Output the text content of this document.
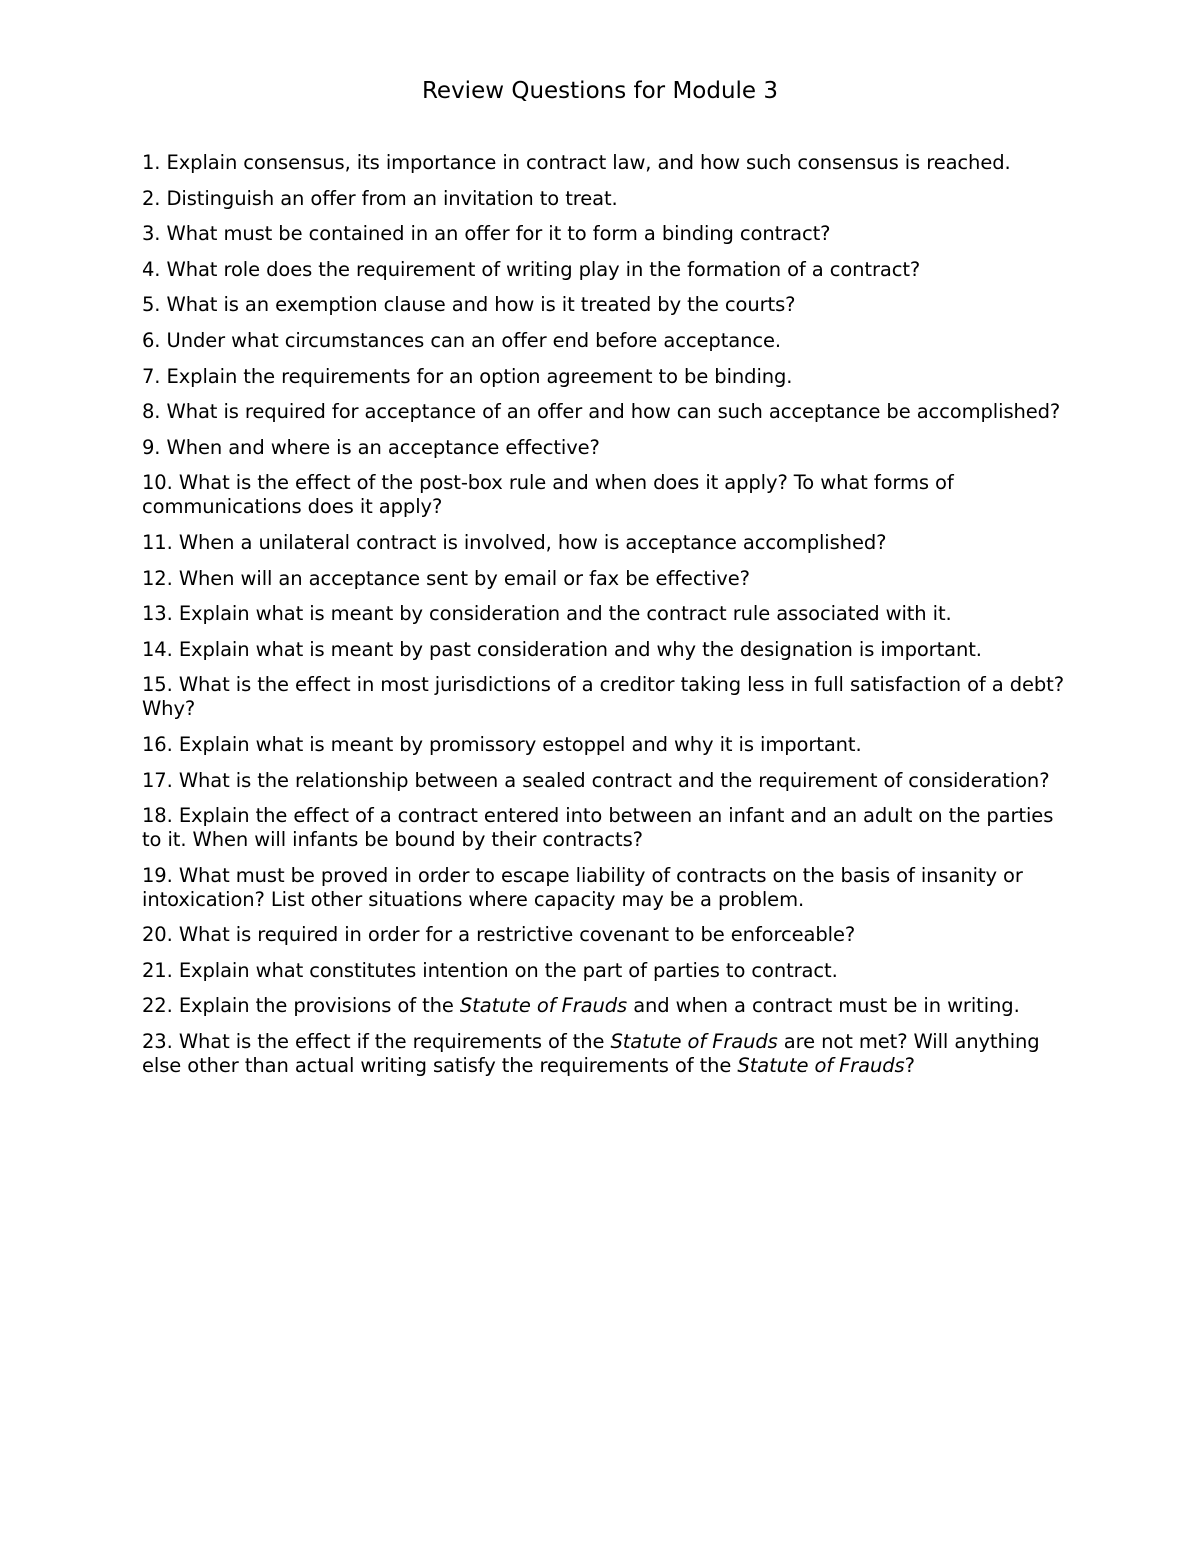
Review Questions for Module 3
1. Explain consensus, its importance in contract law, and how such consensus is reached.
2. Distinguish an offer from an invitation to treat.
3. What must be contained in an offer for it to form a binding contract?
4. What role does the requirement of writing play in the formation of a contract?
5. What is an exemption clause and how is it treated by the courts?
6. Under what circumstances can an offer end before acceptance.
7. Explain the requirements for an option agreement to be binding.
8. What is required for acceptance of an offer and how can such acceptance be accomplished?
9. When and where is an acceptance effective?
10. What is the effect of the post-box rule and when does it apply? To what forms of communications does it apply?
11. When a unilateral contract is involved, how is acceptance accomplished?
12. When will an acceptance sent by email or fax be effective?
13. Explain what is meant by consideration and the contract rule associated with it.
14. Explain what is meant by past consideration and why the designation is important.
15. What is the effect in most jurisdictions of a creditor taking less in full satisfaction of a debt? Why?
16. Explain what is meant by promissory estoppel and why it is important.
17. What is the relationship between a sealed contract and the requirement of consideration?
18. Explain the effect of a contract entered into between an infant and an adult on the parties to it. When will infants be bound by their contracts?
19. What must be proved in order to escape liability of contracts on the basis of insanity or intoxication? List other situations where capacity may be a problem.
20. What is required in order for a restrictive covenant to be enforceable?
21. Explain what constitutes intention on the part of parties to contract.
22. Explain the provisions of the Statute of Frauds and when a contract must be in writing.
23. What is the effect if the requirements of the Statute of Frauds are not met? Will anything else other than actual writing satisfy the requirements of the Statute of Frauds?
